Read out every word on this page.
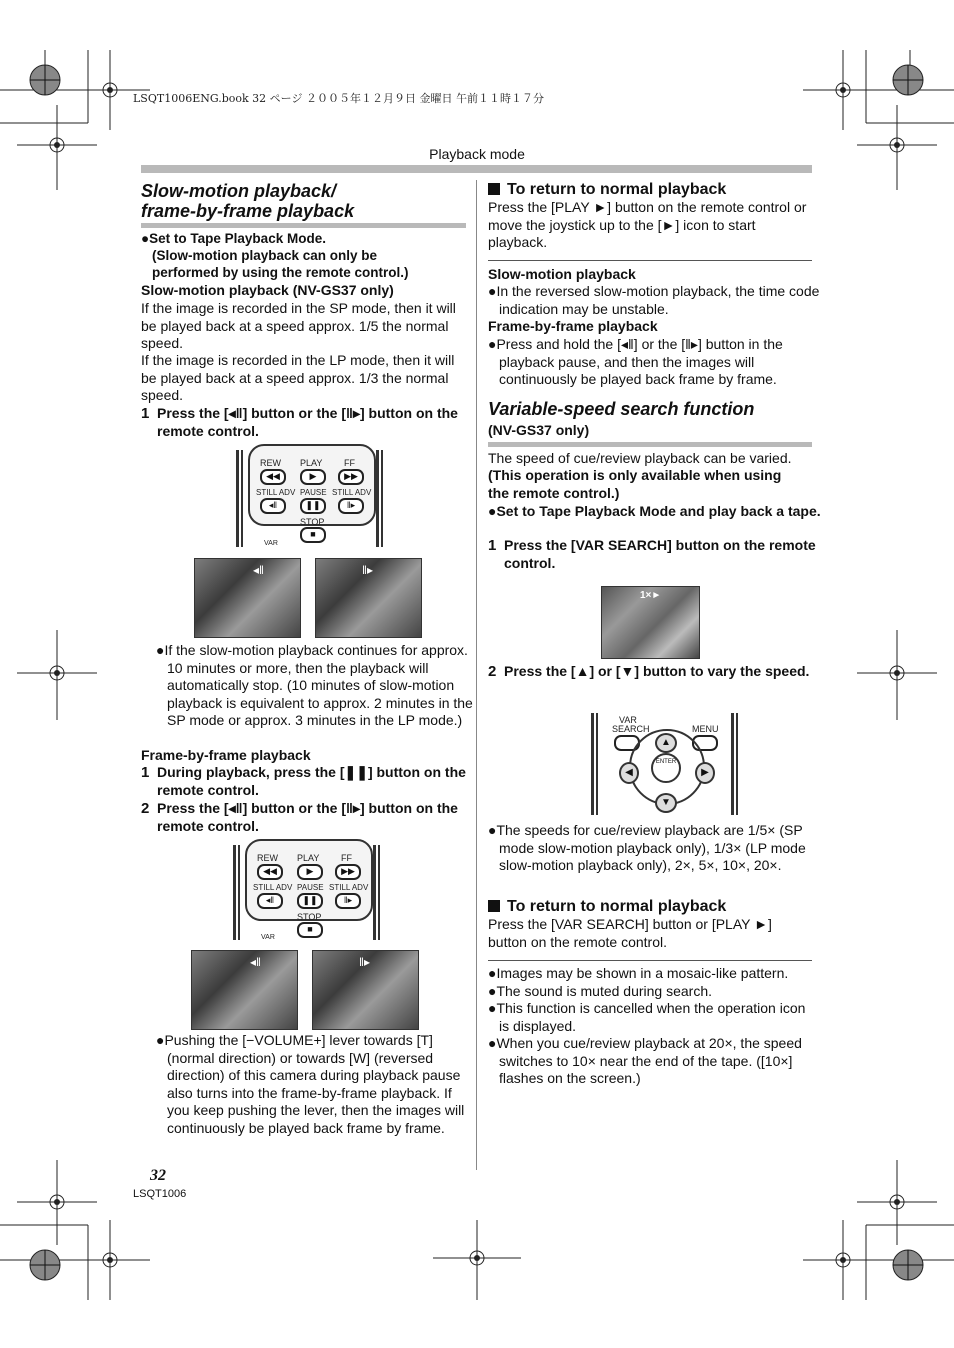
LSQT1006ENG.book 32 ページ ２００５年１２月９日 金曜日 午前１１時１７分
Playback mode
Slow-motion playback/
frame-by-frame playback
●Set to Tape Playback Mode.
(Slow-motion playback can only be
performed by using the remote control.)
Slow-motion playback (NV-GS37 only)
If the image is recorded in the SP mode, then it will be played back at a speed approx. 1/5 the normal speed.
If the image is recorded in the LP mode, then it will be played back at a speed approx. 1/3 the normal speed.
1 Press the [◂‖] button or the [‖▸] button on the remote control.
REW PLAY FF
◀◀	▶	▶▶
STILL ADV PAUSE STILL ADV
◂‖	❚❚	‖▸
STOP
■
VAR
◂‖	‖▸
●If the slow-motion playback continues for approx. 10 minutes or more, then the playback will automatically stop. (10 minutes of slow-motion playback is equivalent to approx. 2 minutes in the SP mode or approx. 3 minutes in the LP mode.)
Frame-by-frame playback
1 During playback, press the [❚❚] button on the remote control.
2 Press the [◂‖] button or the [‖▸] button on the remote control.
REW PLAY FF
◀◀	▶	▶▶
STILL ADV PAUSE STILL ADV
◂‖	❚❚	‖▸
STOP
■
VAR
◂‖	‖▸
●Pushing the [−VOLUME+] lever towards [T] (normal direction) or towards [W] (reversed direction) of this camera during playback pause also turns into the frame-by-frame playback. If you keep pushing the lever, then the images will continuously be played back frame by frame.
To return to normal playback
Press the [PLAY ►] button on the remote control or move the joystick up to the [►] icon to start playback.
Slow-motion playback
●In the reversed slow-motion playback, the time code indication may be unstable.
Frame-by-frame playback
●Press and hold the [◂‖] or the [‖▸] button in the playback pause, and then the images will continuously be played back frame by frame.
Variable-speed search function
(NV-GS37 only)
The speed of cue/review playback can be varied.
(This operation is only available when using
the remote control.)
●Set to Tape Playback Mode and play back a tape.
1 Press the [VAR SEARCH] button on the remote control.
1×►
2 Press the [▲] or [▼] button to vary the speed.
VAR
SEARCH	MENU
ENTER
▲
▼
◀	▶
●The speeds for cue/review playback are 1/5× (SP mode slow-motion playback only), 1/3× (LP mode slow-motion playback only), 2×, 5×, 10×, 20×.
To return to normal playback
Press the [VAR SEARCH] button or [PLAY ►] button on the remote control.
●Images may be shown in a mosaic-like pattern.
●The sound is muted during search.
●This function is cancelled when the operation icon is displayed.
●When you cue/review playback at 20×, the speed switches to 10× near the end of the tape. ([10×] flashes on the screen.)
32
LSQT1006
